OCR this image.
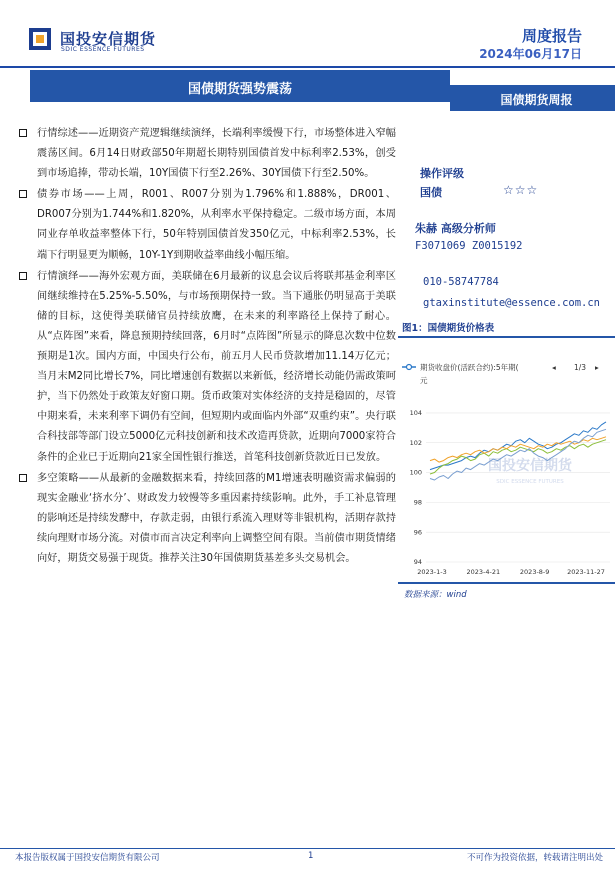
国投安信期货
SDIC ESSENCE FUTURES
周度报告
2024年06月17日
国债期货强势震荡
国债期货周报

行情综述——近期资产荒逻辑继续演绎，长端利率缓慢下行，市场整体进入窄幅震荡区间。6月14日财政部50年期超长期特别国债首发中标利率2.53%，创受到市场追捧，带动长端，10Y国债下行至2.26%、30Y国债下行至2.50%。

债券市场——上周，R001、R007分别为1.796%和1.888%，DR001、DR007分别为1.744%和1.820%，从利率水平保持稳定。二级市场方面，本周同业存单收益率整体下行，50年特别国债首发350亿元，中标利率2.53%，长端下行明显更为顺畅，10Y-1Y到期收益率曲线小幅压缩。

行情演绎——海外宏观方面，美联储在6月最新的议息会议后将联邦基金利率区间继续维持在5.25%-5.50%，与市场预期保持一致。当下通胀仍明显高于美联储的目标，这使得美联储官员持续放鹰，在未来的利率路径上保持了耐心。从“点阵图”来看，降息预期持续回落，6月时“点阵图”所显示的降息次数中位数预期是1次。国内方面，中国央行公布，前五月人民币贷款增加11.14万亿元；当月末M2同比增长7%，同比增速创有数据以来新低，经济增长动能仍需政策呵护，当下仍然处于政策友好窗口期。货币政策对实体经济的支持是稳固的，尽管中期来看，未来利率下调仍有空间，但短期内或面临内外部“双重约束”。央行联合科技部等部门设立5000亿元科技创新和技术改造再贷款，近期向7000家符合条件的企业已于近期向21家全国性银行推送，首笔科技创新贷款近日已发放。

多空策略——从最新的金融数据来看，持续回落的M1增速表明融资需求偏弱的现实金融业‘挤水分’、财政发力较慢等多重因素持续影响。此外，手工补息管理的影响还是持续发酵中，存款走弱，由银行系流入理财等非银机构，活期存款持续向理财市场分流。对债市而言决定利率向上调整空间有限。当前债市期货情绪向好，期货交易强于现货。推荐关注30年国债期货基差多头交易机会。

操作评级
国债	☆☆☆
朱赫 高级分析师
F3071069 Z0015192
010-58747784
gtaxinstitute@essence.com.cn
图1：国债期货价格表
期货收盘价(活跃合约):5年期(	◂ 1/3 ▸
元
国投安信期货
SDIC ESSENCE FUTURES
94
96
98
100
102
104
2023-1-3	2023-4-21	2023-8-9	2023-11-27
数据来源：wind
本报告版权属于国投安信期货有限公司	1	不可作为投资依据，转载请注明出处
